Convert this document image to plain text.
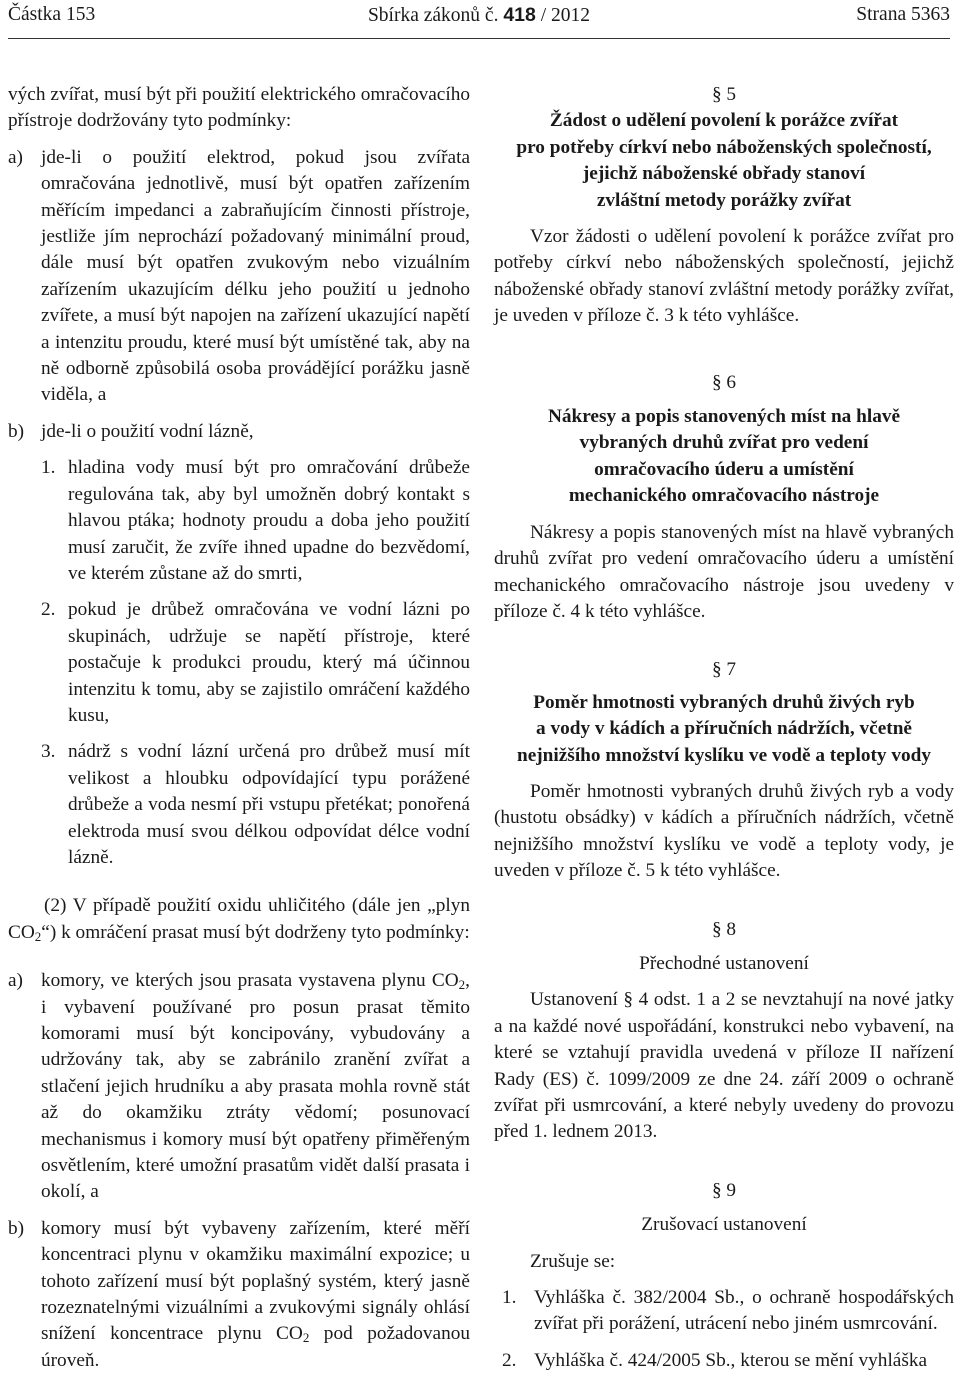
Částka 153	Sbírka zákonů č. 418 / 2012	Strana 5363

vých zvířat, musí být při použití elektrického omračovacího přístroje dodržovány tyto podmínky:

a) jde-li o použití elektrod, pokud jsou zvířata omračována jednotlivě, musí být opatřen zařízením měřícím impedanci a zabraňujícím činnosti přístroje, jestliže jím neprochází požadovaný minimální proud, dále musí být opatřen zvukovým nebo vizuálním zařízením ukazujícím délku jeho použití u jednoho zvířete, a musí být napojen na zařízení ukazující napětí a intenzitu proudu, které musí být umístěné tak, aby na ně odborně způsobilá osoba provádějící porážku jasně viděla, a
b) jde-li o použití vodní lázně,
1. hladina vody musí být pro omračování drůbeže regulována tak, aby byl umožněn dobrý kontakt s hlavou ptáka; hodnoty proudu a doba jeho použití musí zaručit, že zvíře ihned upadne do bezvědomí, ve kterém zůstane až do smrti,
2. pokud je drůbež omračována ve vodní lázni po skupinách, udržuje se napětí přístroje, které postačuje k produkci proudu, který má účinnou intenzitu k tomu, aby se zajistilo omráčení každého kusu,
3. nádrž s vodní lázní určená pro drůbež musí mít velikost a hloubku odpovídající typu porážené drůbeže a voda nesmí při vstupu přetékat; ponořená elektroda musí svou délkou odpovídat délce vodní lázně.

(2) V případě použití oxidu uhličitého (dále jen „plyn $CO_2“$) k omráčení prasat musí být dodrženy tyto podmínky:

a) komory, ve kterých jsou prasata vystavena plynu $CO_2$, i vybavení používané pro posun prasat těmito komorami musí být koncipovány, vybudovány a udržovány tak, aby se zabránilo zranění zvířat a stlačení jejich hrudníku a aby prasata mohla rovně stát až do okamžiku ztráty vědomí; posunovací mechanismus i komory musí být opatřeny přiměřeným osvětlením, které umožní prasatům vidět další prasata i okolí, a
b) komory musí být vybaveny zařízením, které měří koncentraci plynu v okamžiku maximální expozice; u tohoto zařízení musí být poplašný systém, který jasně rozeznatelnými vizuálními a zvukovými signály ohlásí snížení koncentrace plynu $CO_2$ pod požadovanou úroveň.
§ 5
Žádost o udělení povolení k porážce zvířat
pro potřeby církví nebo náboženských společností,
jejichž náboženské obřady stanoví
zvláštní metody porážky zvířat

Vzor žádosti o udělení povolení k porážce zvířat pro potřeby církví nebo náboženských společností, jejichž náboženské obřady stanoví zvláštní metody porážky zvířat, je uveden v příloze č. 3 k této vyhlášce.

§ 6
Nákresy a popis stanovených míst na hlavě
vybraných druhů zvířat pro vedení
omračovacího úderu a umístění
mechanického omračovacího nástroje

Nákresy a popis stanovených míst na hlavě vybraných druhů zvířat pro vedení omračovacího úderu a umístění mechanického omračovacího nástroje jsou uvedeny v příloze č. 4 k této vyhlášce.

§ 7
Poměr hmotnosti vybraných druhů živých ryb
a vody v kádích a příručních nádržích, včetně
nejnižšího množství kyslíku ve vodě a teploty vody

Poměr hmotnosti vybraných druhů živých ryb a vody (hustotu obsádky) v kádích a příručních nádržích, včetně nejnižšího množství kyslíku ve vodě a teploty vody, je uveden v příloze č. 5 k této vyhlášce.

§ 8
Přechodné ustanovení

Ustanovení § 4 odst. 1 a 2 se nevztahují na nové jatky a na každé nové uspořádání, konstrukci nebo vybavení, na které se vztahují pravidla uvedená v příloze II nařízení Rady (ES) č. 1099/2009 ze dne 24. září 2009 o ochraně zvířat při usmrcování, a které nebyly uvedeny do provozu před 1. lednem 2013.

§ 9
Zrušovací ustanovení

Zrušuje se:

1. Vyhláška č. 382/2004 Sb., o ochraně hospodářských zvířat při porážení, utrácení nebo jiném usmrcování.
2. Vyhláška č. 424/2005 Sb., kterou se mění vyhláška
